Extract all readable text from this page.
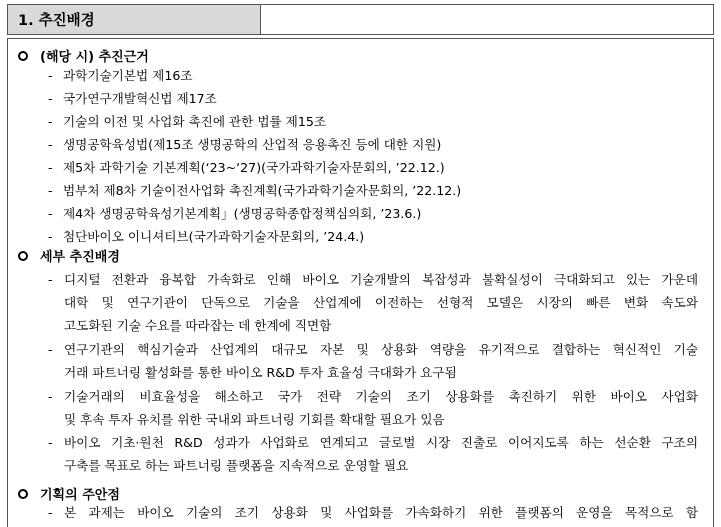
1. 추진배경
(해당 시) 추진근거
- 과학기술기본법 제16조
- 국가연구개발혁신법 제17조
- 기술의 이전 및 사업화 촉진에 관한 법률 제15조
- 생명공학육성법(제15조 생명공학의 산업적 응용촉진 등에 대한 지원)
- 제5차 과학기술 기본계획(‘23~‘27)(국가과학기술자문회의, ’22.12.)
- 범부처 제8차 기술이전사업화 촉진계획(국가과학기술자문회의, ’22.12.)
- 제4차 생명공학육성기본계획」(생명공학종합정책심의회, ’23.6.)
- 첨단바이오 이니셔티브(국가과학기술자문회의, ’24.4.)
세부 추진배경
- 디지털 전환과 융복합 가속화로 인해 바이오 기술개발의 복잡성과 불확실성이 극대화되고 있는 가운데
대학 및 연구기관이 단독으로 기술을 산업계에 이전하는 선형적 모델은 시장의 빠른 변화 속도와
고도화된 기술 수요를 따라잡는 데 한계에 직면함
- 연구기관의 핵심기술과 산업계의 대규모 자본 및 상용화 역량을 유기적으로 결합하는 혁신적인 기술
거래 파트너링 활성화를 통한 바이오 R&D 투자 효율성 극대화가 요구됨
- 기술거래의 비효율성을 해소하고 국가 전략 기술의 조기 상용화를 촉진하기 위한 바이오 사업화
및 후속 투자 유치를 위한 국내외 파트너링 기회를 확대할 필요가 있음
- 바이오 기초·원천 R&D 성과가 사업화로 연계되고 글로벌 시장 진출로 이어지도록 하는 선순환 구조의
구축를 목표로 하는 파트너링 플랫폼을 지속적으로 운영할 필요
기획의 주안점
- 본 과제는 바이오 기술의 조기 상용화 및 사업화를 가속화하기 위한 플랫폼의 운영을 목적으로 함
